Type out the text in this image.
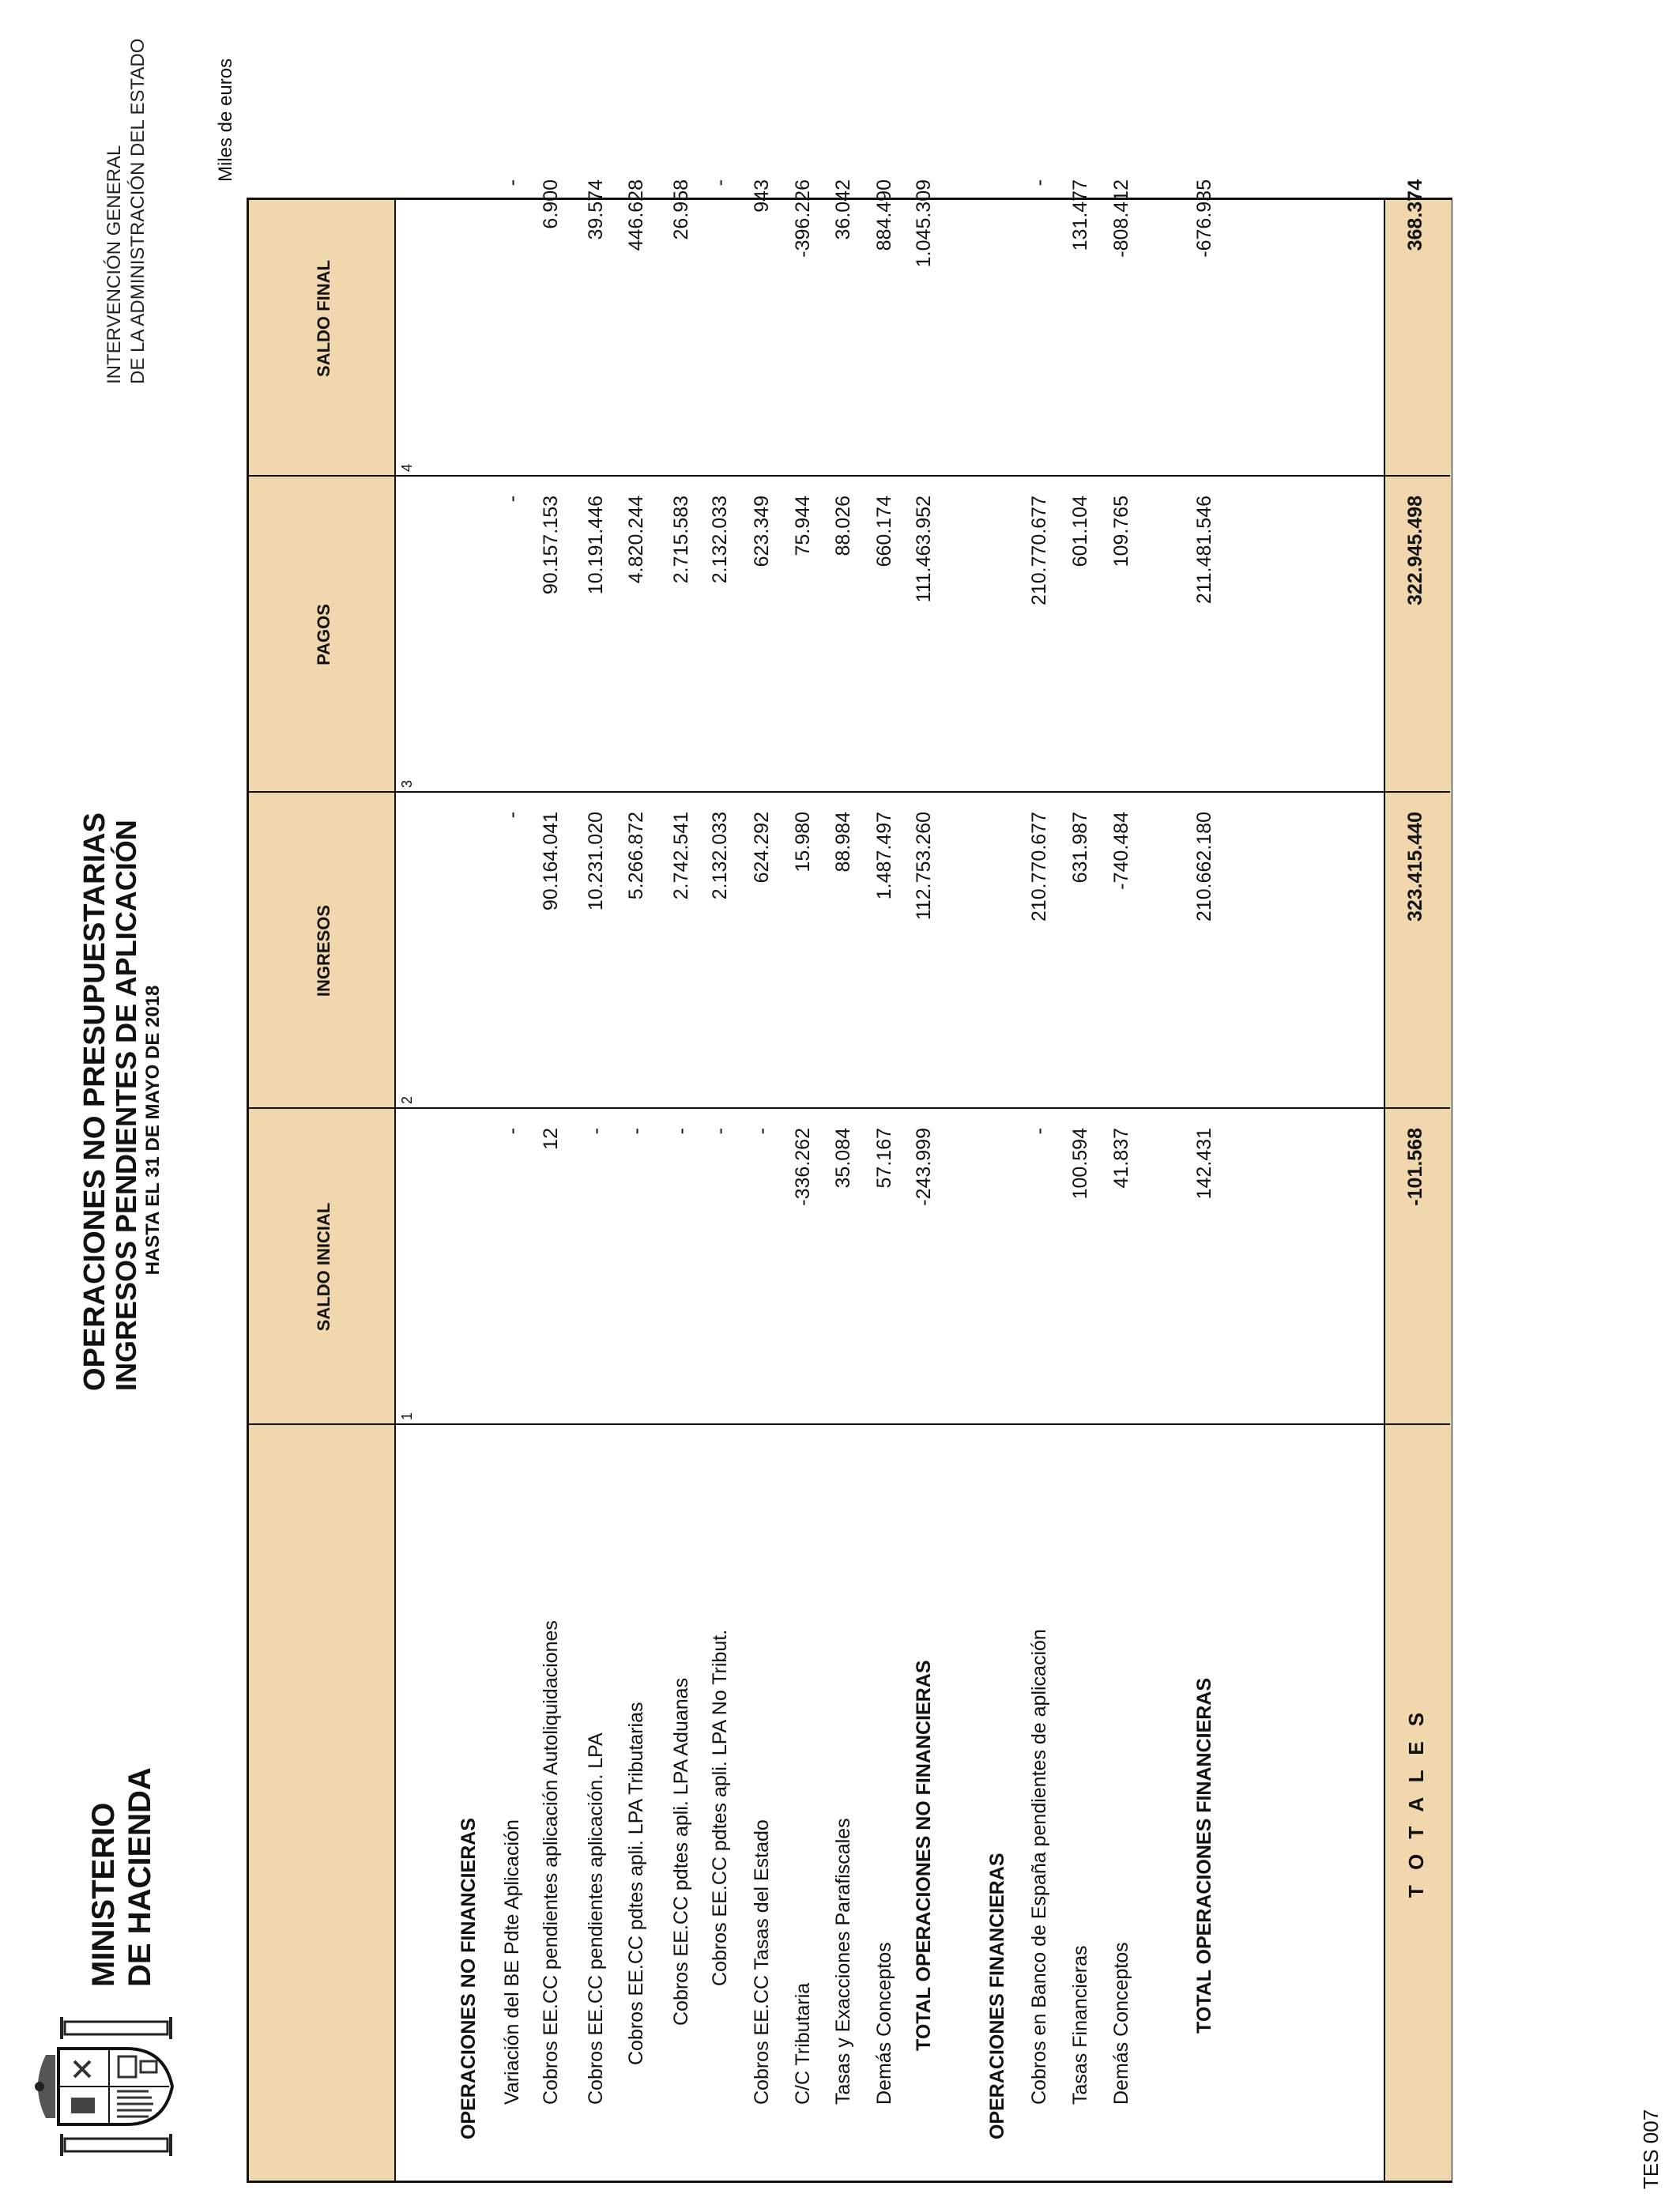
MINISTERIO DE HACIENDA
OPERACIONES NO PRESUPUESTARIAS
INGRESOS PENDIENTES DE APLICACIÓN HASTA EL 31 DE MAYO DE 2018
INTERVENCIÓN GENERAL DE LA ADMINISTRACIÓN DEL ESTADO	Miles de euros
TES 007
T O T A L E S
SALDO INICIAL
1
INGRESOS
2
PAGOS
3
SALDO FINAL
4
OPERACIONES NO FINANCIERAS Variación del BE Pdte Aplicación
-
-
-
-
Cobros EE.CC pendientes aplicación Autoliquidaciones
12
90.164.041
90.157.153
6.900
Cobros EE.CC pendientes aplicación. LPA
-
10.231.020
10.191.446
39.574
Cobros EE.CC pdtes apli. LPA Tributarias
-
5.266.872
4.820.244
446.628
Cobros EE.CC pdtes apli. LPA Aduanas
-
2.742.541
2.715.583
26.958
Cobros EE.CC pdtes apli. LPA No Tribut.
-
2.132.033
2.132.033
-
Cobros EE.CC Tasas del Estado
-
624.292
623.349
943
C/C Tributaria
-336.262
15.980
75.944
-396.226
Tasas y Exacciones Parafiscales
35.084
88.984
88.026
36.042
Demás Conceptos
57.167
1.487.497
660.174
884.490
TOTAL OPERACIONES NO FINANCIERAS
-243.999
112.753.260
111.463.952
1.045.309
OPERACIONES FINANCIERAS Cobros en Banco de España pendientes de aplicación
-
210.770.677
210.770.677
-
Tasas Financieras
100.594
631.987
601.104
131.477
Demás Conceptos
41.837
-740.484
109.765
-808.412
TOTAL OPERACIONES FINANCIERAS
142.431
210.662.180
211.481.546
-676.935
-101.568
323.415.440
322.945.498
368.374
